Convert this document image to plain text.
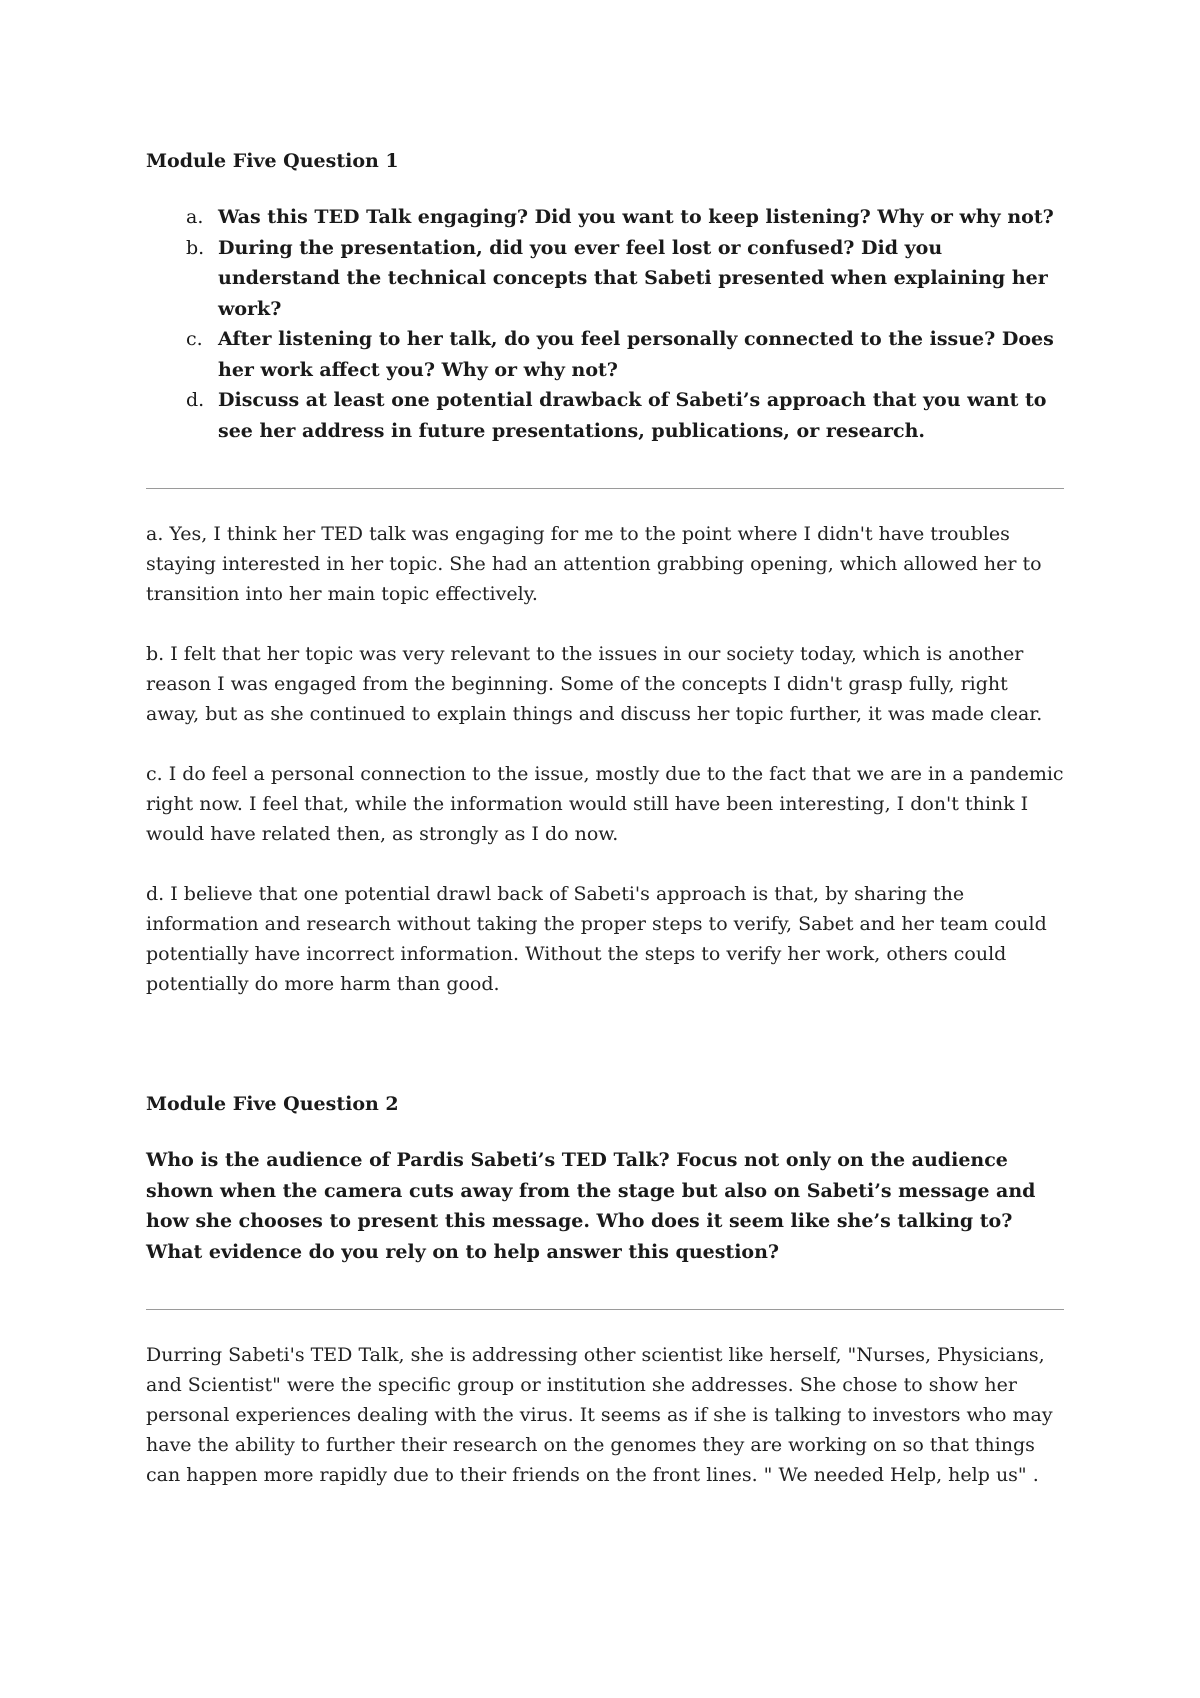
Module Five Question 1

a. Was this TED Talk engaging? Did you want to keep listening? Why or why not?
b. During the presentation, did you ever feel lost or confused? Did you understand the technical concepts that Sabeti presented when explaining her work?
c. After listening to her talk, do you feel personally connected to the issue? Does her work affect you? Why or why not?
d. Discuss at least one potential drawback of Sabeti’s approach that you want to see her address in future presentations, publications, or research.

a. Yes, I think her TED talk was engaging for me to the point where I didn't have troubles staying interested in her topic. She had an attention grabbing opening, which allowed her to transition into her main topic effectively.

b. I felt that her topic was very relevant to the issues in our society today, which is another reason I was engaged from the beginning. Some of the concepts I didn't grasp fully, right away, but as she continued to explain things and discuss her topic further, it was made clear.

c. I do feel a personal connection to the issue, mostly due to the fact that we are in a pandemic right now. I feel that, while the information would still have been interesting, I don't think I would have related then, as strongly as I do now.

d. I believe that one potential drawl back of Sabeti's approach is that, by sharing the information and research without taking the proper steps to verify, Sabet and her team could potentially have incorrect information. Without the steps to verify her work, others could potentially do more harm than good.

Module Five Question 2

Who is the audience of Pardis Sabeti’s TED Talk? Focus not only on the audience shown when the camera cuts away from the stage but also on Sabeti’s message and how she chooses to present this message. Who does it seem like she’s talking to? What evidence do you rely on to help answer this question?

Durring Sabeti's TED Talk, she is addressing other scientist like herself, "Nurses, Physicians, and Scientist" were the specific group or institution she addresses. She chose to show her personal experiences dealing with the virus. It seems as if she is talking to investors who may have the ability to further their research on the genomes they are working on so that things can happen more rapidly due to their friends on the front lines. " We needed Help, help us" .
